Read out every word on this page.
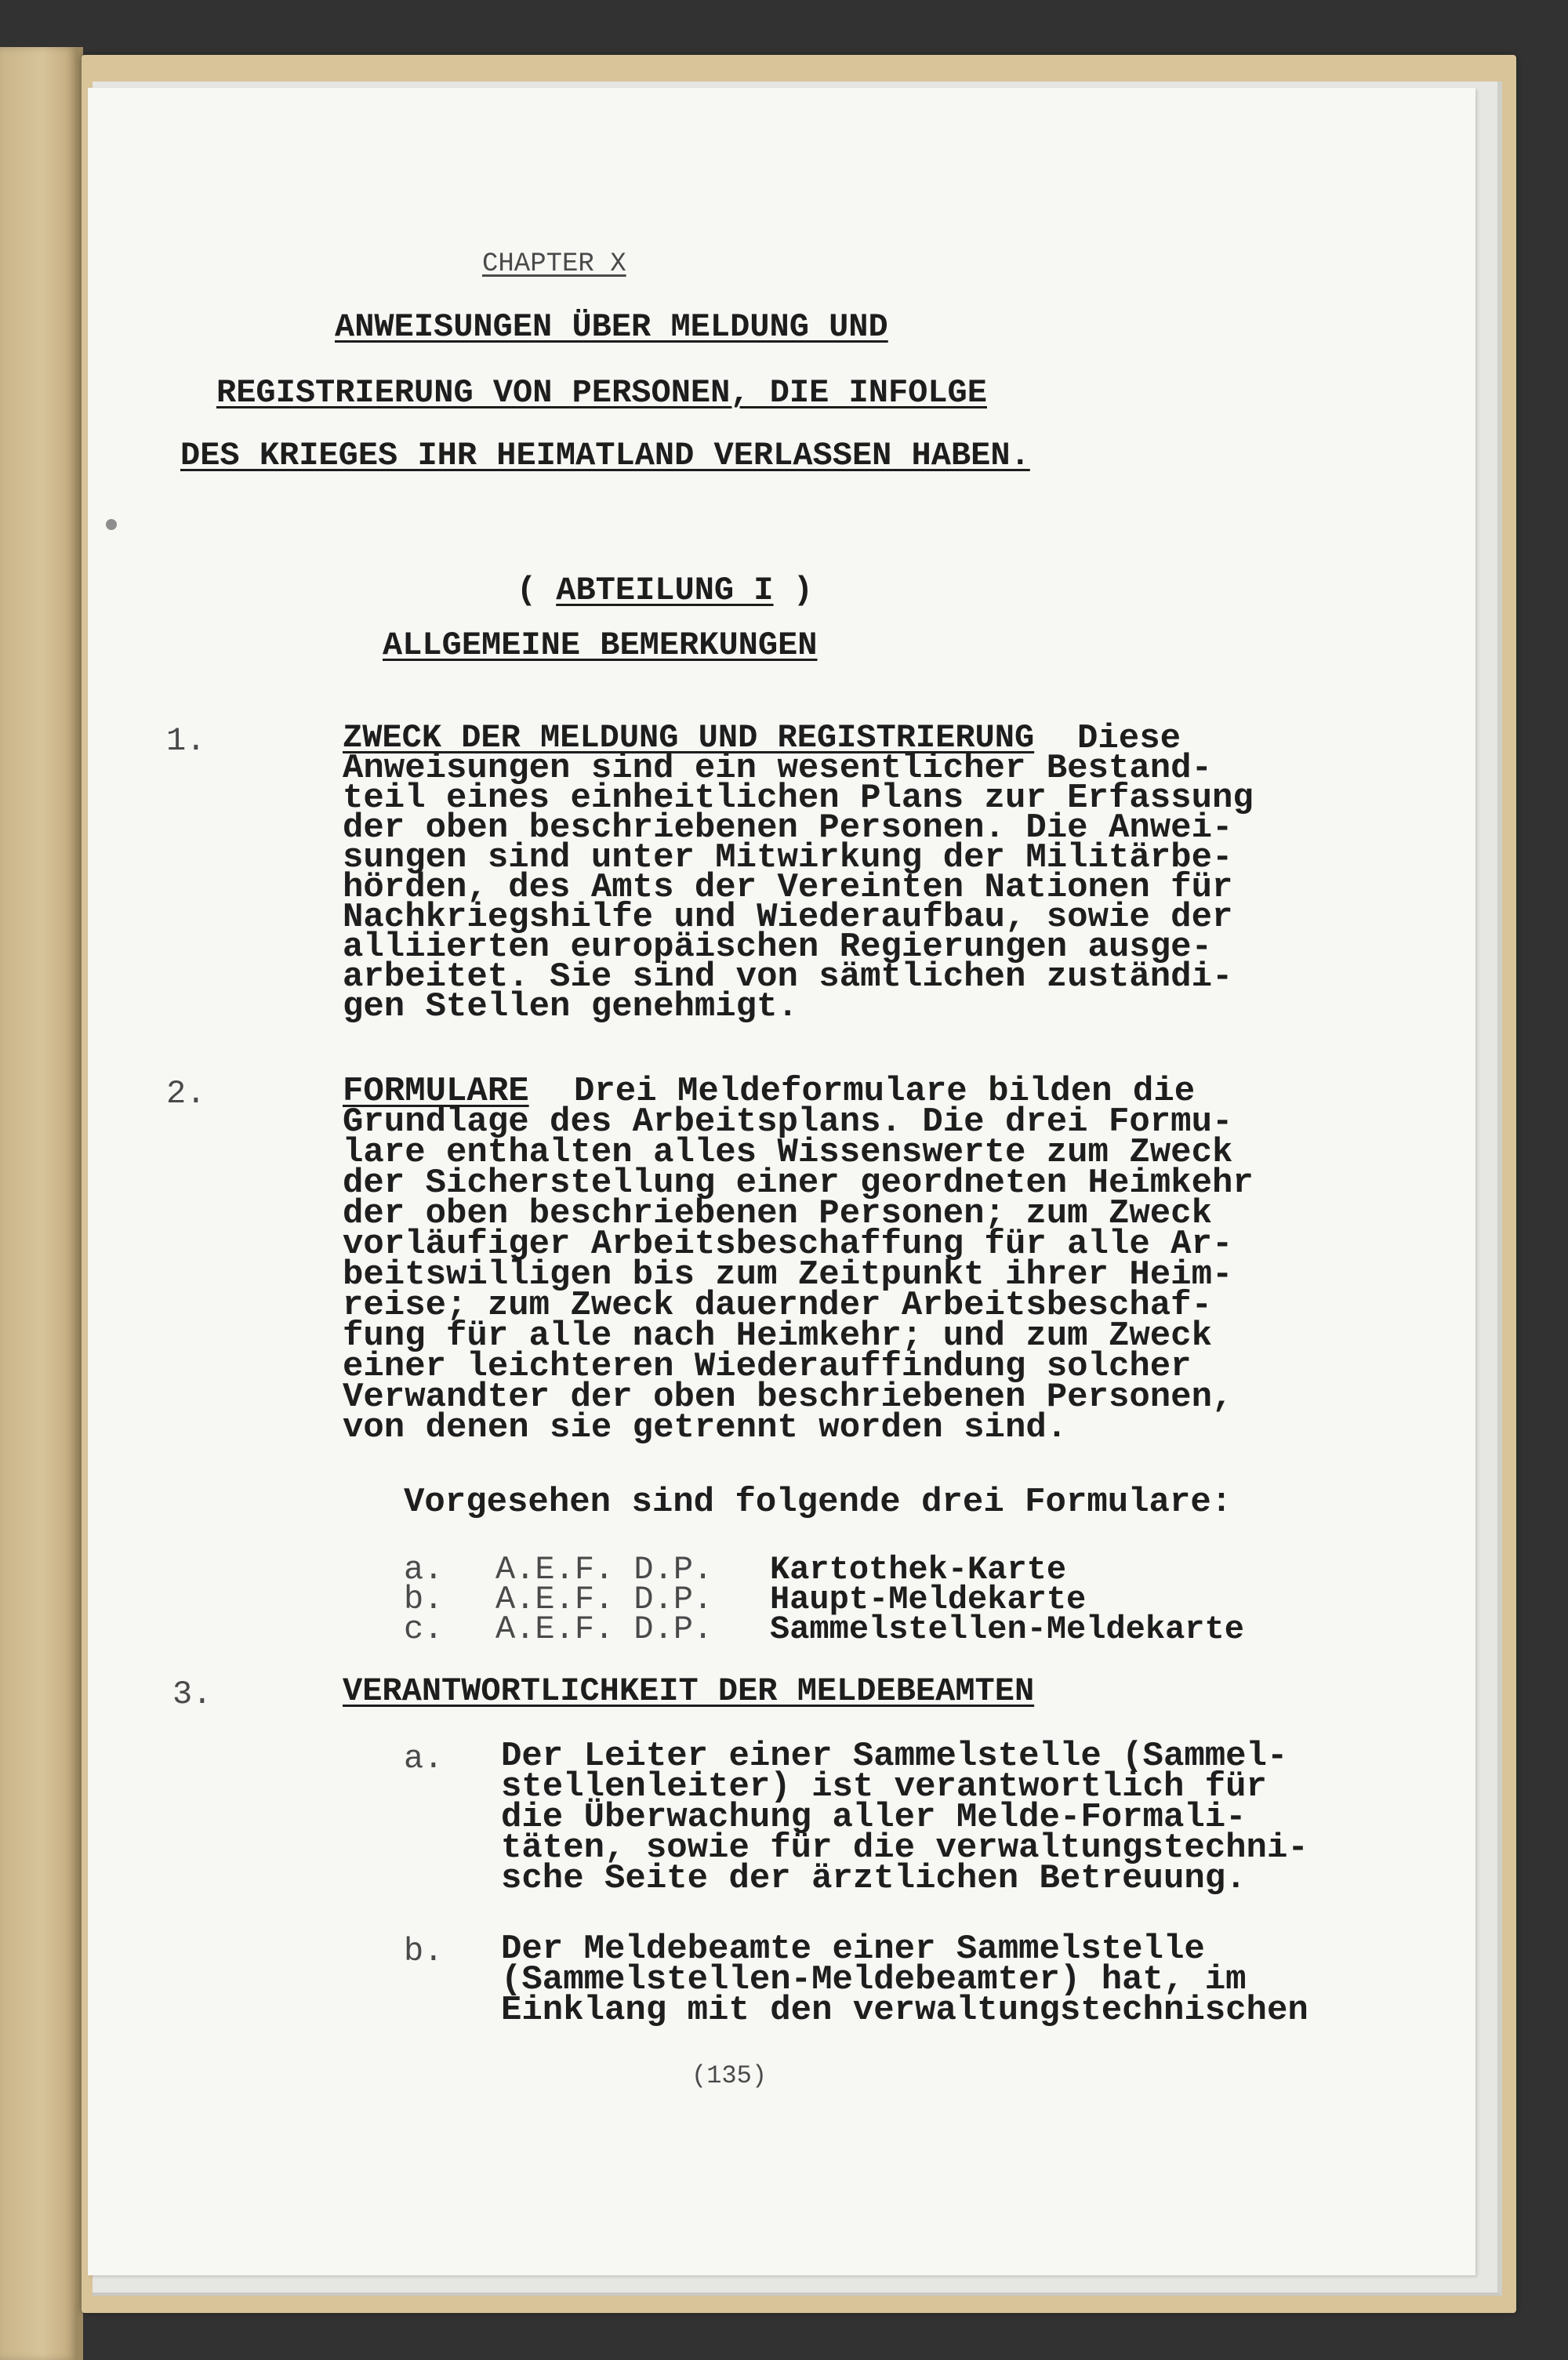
CHAPTER X
ANWEISUNGEN ÜBER MELDUNG UND
REGISTRIERUNG VON PERSONEN, DIE INFOLGE
DES KRIEGES IHR HEIMATLAND VERLASSEN HABEN.

( ABTEILUNG I )

ALLGEMEINE BEMERKUNGEN
1.	ZWECK DER MELDUNG UND REGISTRIERUNG Diese
Anweisungen sind ein wesentlicher Bestand-
teil eines einheitlichen Plans zur Erfassung
der oben beschriebenen Personen. Die Anwei-
sungen sind unter Mitwirkung der Militärbe-
hörden, des Amts der Vereinten Nationen für
Nachkriegshilfe und Wiederaufbau, sowie der
alliierten europäischen Regierungen ausge-
arbeitet. Sie sind von sämtlichen zuständi-
gen Stellen genehmigt.
2.	FORMULARE Drei Meldeformulare bilden die
Grundlage des Arbeitsplans. Die drei Formu-
lare enthalten alles Wissenswerte zum Zweck
der Sicherstellung einer geordneten Heimkehr
der oben beschriebenen Personen; zum Zweck
vorläufiger Arbeitsbeschaffung für alle Ar-
beitswilligen bis zum Zeitpunkt ihrer Heim-
reise; zum Zweck dauernder Arbeitsbeschaf-
fung für alle nach Heimkehr; und zum Zweck
einer leichteren Wiederauffindung solcher
Verwandter der oben beschriebenen Personen,
von denen sie getrennt worden sind.
Vorgesehen sind folgende drei Formulare:
a. A.E.F. D.P. Kartothek-Karte
b. A.E.F. D.P. Haupt-Meldekarte
c. A.E.F. D.P. Sammelstellen-Meldekarte
3.	VERANTWORTLICHKEIT DER MELDEBEAMTEN
a. Der Leiter einer Sammelstelle (Sammel-
stellenleiter) ist verantwortlich für
die Überwachung aller Melde-Formali-
täten, sowie für die verwaltungstechni-
sche Seite der ärztlichen Betreuung.
b. Der Meldebeamte einer Sammelstelle
(Sammelstellen-Meldebeamter) hat, im
Einklang mit den verwaltungstechnischen
(135)
